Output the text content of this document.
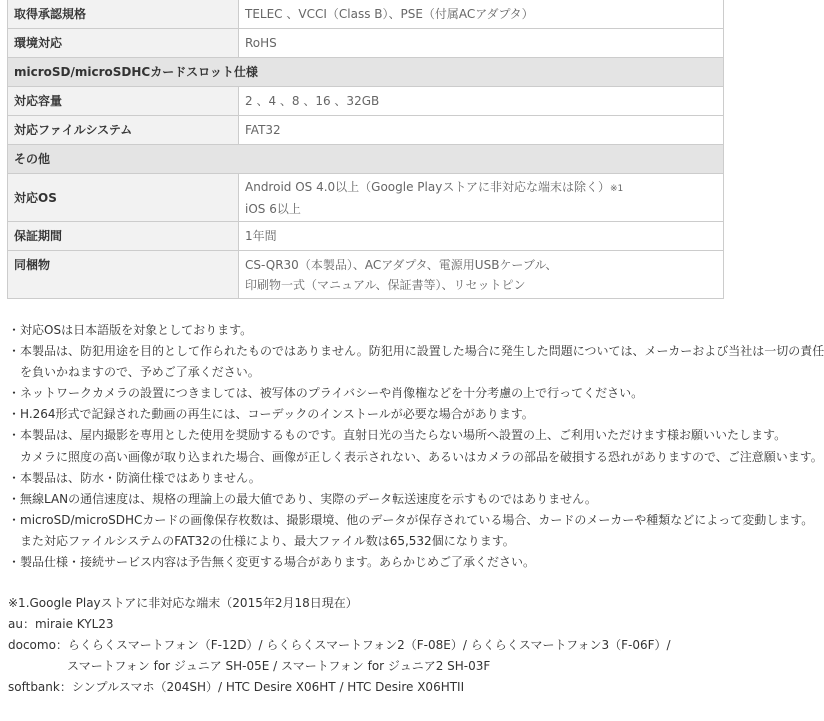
取得承認規格	TELEC 、VCCI（Class B）、PSE（付属ACアダプタ）
環境対応	RoHS
microSD/microSDHCカードスロット仕様	
対応容量	2 、4 、8 、16 、32GB
対応ファイルシステム	FAT32
その他	
対応OS	Android OS 4.0以上（Google Playストアに非対応な端末は除く）※1
iOS 6以上

保証期間	1年間
同梱物	CS-QR30（本製品）、ACアダプタ、電源用USBケーブル、
印刷物一式（マニュアル、保証書等）、リセットピン
・対応OSは日本語版を対象としております。
・本製品は、防犯用途を目的として作られたものではありません。防犯用に設置した場合に発生した問題については、メーカーおよび当社は一切の責任
　を負いかねますので、予めご了承ください。
・ネットワークカメラの設置につきましては、被写体のプライバシーや肖像権などを十分考慮の上で行ってください。
・H.264形式で記録された動画の再生には、コーデックのインストールが必要な場合があります。
・本製品は、屋内撮影を専用とした使用を奨励するものです。直射日光の当たらない場所へ設置の上、ご利用いただけます様お願いいたします。
　カメラに照度の高い画像が取り込まれた場合、画像が正しく表示されない、あるいはカメラの部品を破損する恐れがありますので、ご注意願います。
・本製品は、防水・防滴仕様ではありません。
・無線LANの通信速度は、規格の理論上の最大値であり、実際のデータ転送速度を示すものではありません。
・microSD/microSDHCカードの画像保存枚数は、撮影環境、他のデータが保存されている場合、カードのメーカーや種類などによって変動します。
　また対応ファイルシステムのFAT32の仕様により、最大ファイル数は65,532個になります。
・製品仕様・接続サービス内容は予告無く変更する場合があります。あらかじめご了承ください。
※1.Google Playストアに非対応な端末（2015年2月18日現在）
au：miraie KYL23
docomo：らくらくスマートフォン（F-12D）/ らくらくスマートフォン2（F-08E）/ らくらくスマートフォン3（F-06F）/
スマートフォン for ジュニア SH-05E / スマートフォン for ジュニア2 SH-03F
softbank：シンプルスマホ（204SH）/ HTC Desire X06HT / HTC Desire X06HTII
